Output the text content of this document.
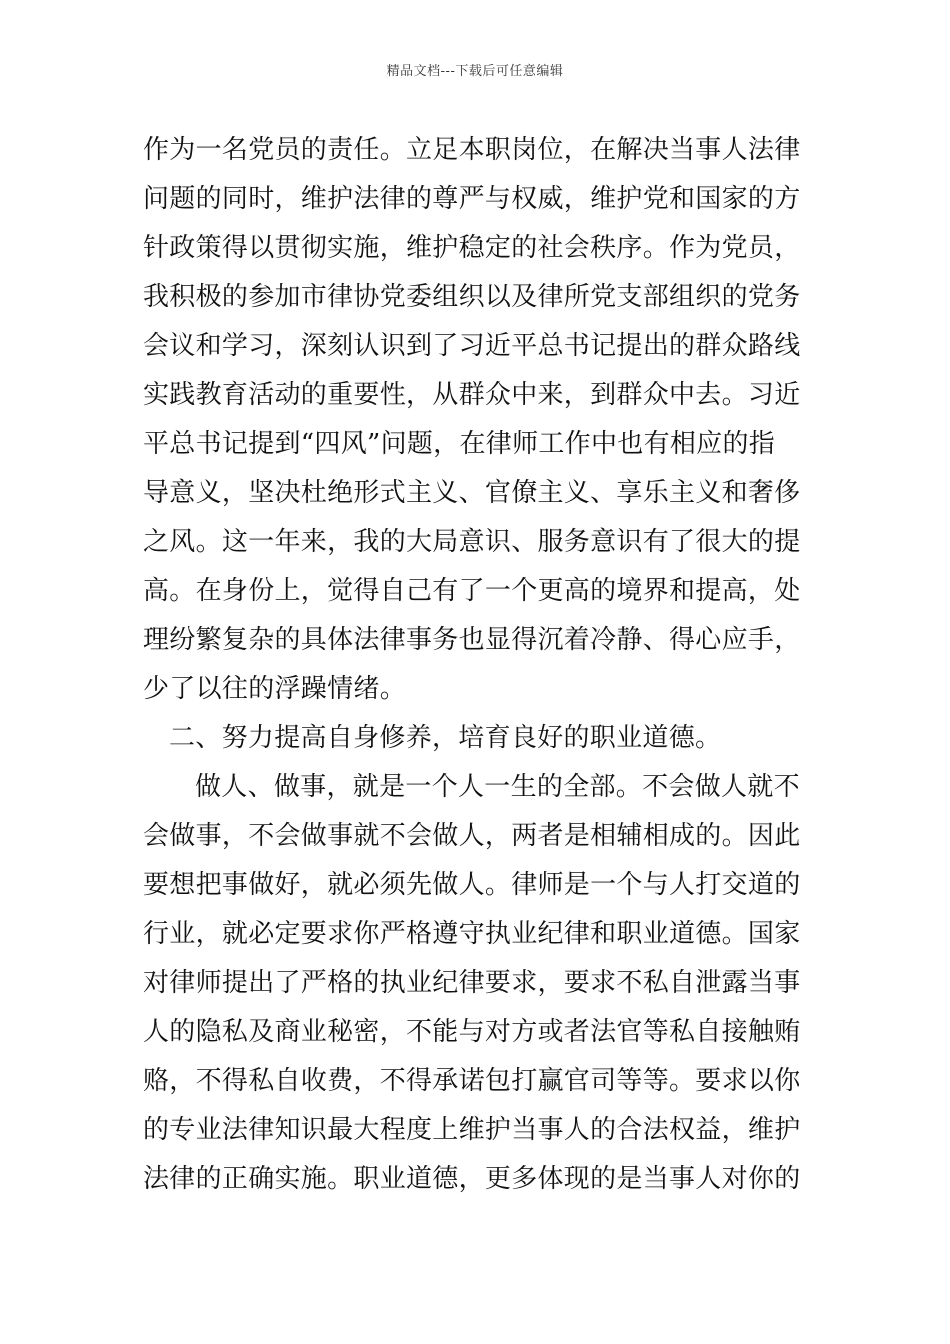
精品文档---下载后可任意编辑
作为一名党员的责任。立足本职岗位，在解决当事人法律
问题的同时，维护法律的尊严与权威，维护党和国家的方
针政策得以贯彻实施，维护稳定的社会秩序。作为党员，
我积极的参加市律协党委组织以及律所党支部组织的党务
会议和学习，深刻认识到了习近平总书记提出的群众路线
实践教育活动的重要性，从群众中来，到群众中去。习近
平总书记提到“四风”问题，在律师工作中也有相应的指
导意义，坚决杜绝形式主义、官僚主义、享乐主义和奢侈
之风。这一年来，我的大局意识、服务意识有了很大的提
高。在身份上，觉得自己有了一个更高的境界和提高，处
理纷繁复杂的具体法律事务也显得沉着冷静、得心应手，
少了以往的浮躁情绪。
二、努力提高自身修养，培育良好的职业道德。
做人、做事，就是一个人一生的全部。不会做人就不
会做事，不会做事就不会做人，两者是相辅相成的。因此
要想把事做好，就必须先做人。律师是一个与人打交道的
行业，就必定要求你严格遵守执业纪律和职业道德。国家
对律师提出了严格的执业纪律要求，要求不私自泄露当事
人的隐私及商业秘密，不能与对方或者法官等私自接触贿
赂，不得私自收费，不得承诺包打赢官司等等。要求以你
的专业法律知识最大程度上维护当事人的合法权益，维护
法律的正确实施。职业道德，更多体现的是当事人对你的
